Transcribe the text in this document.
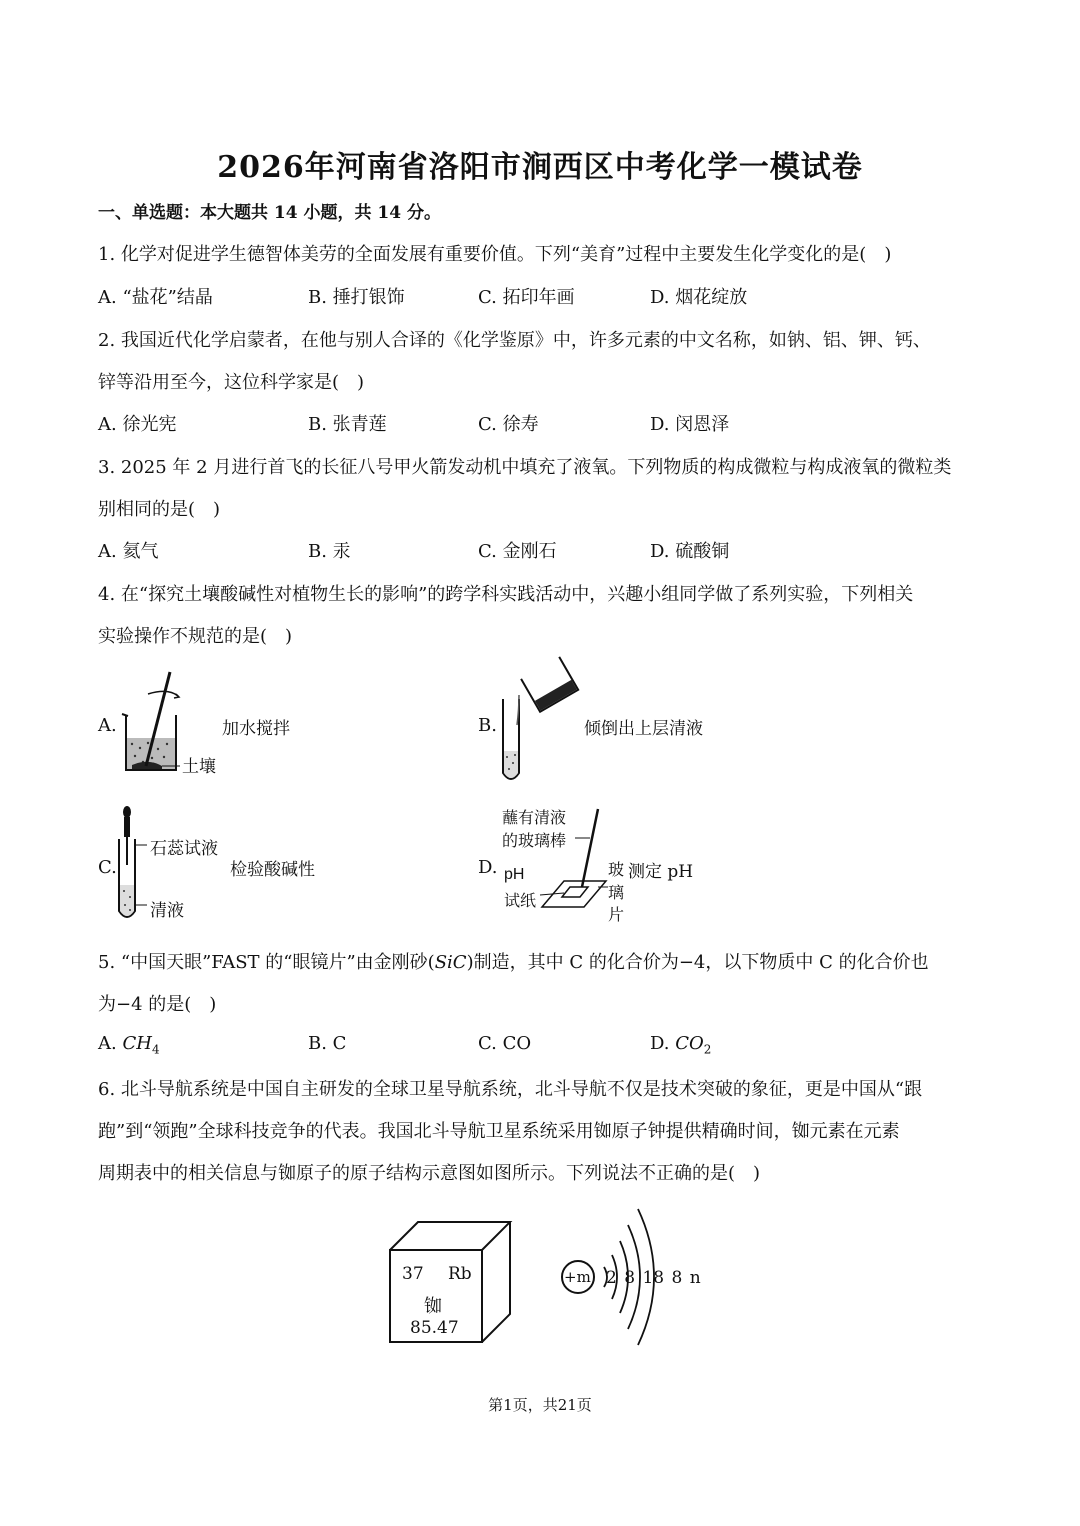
2026年河南省洛阳市涧西区中考化学一模试卷
一、单选题：本大题共 14 小题，共 14 分。
1. 化学对促进学生德智体美劳的全面发展有重要价值。下列“美育”过程中主要发生化学变化的是(　)
A. “盐花”结晶	B. 捶打银饰	C. 拓印年画	D. 烟花绽放
2. 我国近代化学启蒙者，在他与别人合译的《化学鉴原》中，许多元素的中文名称，如钠、铝、钾、钙、
锌等沿用至今，这位科学家是(　)
A. 徐光宪	B. 张青莲	C. 徐寿	D. 闵恩泽
3. 2025 年 2 月进行首飞的长征八号甲火箭发动机中填充了液氧。下列物质的构成微粒与构成液氧的微粒类
别相同的是(　)
A. 氦气	B. 汞	C. 金刚石	D. 硫酸铜
4. 在“探究土壤酸碱性对植物生长的影响”的跨学科实践活动中，兴趣小组同学做了系列实验，下列相关
实验操作不规范的是(　)
A.
土壤
加水搅拌	B.	倾倒出上层清液
C.
石蕊试液
清液
检验酸碱性	D.
蘸有清液
的玻璃棒
pH
试纸
玻
璃
片
测定 pH
5. “中国天眼”FAST 的“眼镜片”由金刚砂(SiC)制造，其中 C 的化合价为−4，以下物质中 C 的化合价也
为−4 的是(　)
A. $CH_4$	B. C	C. CO	D. $CO_2$
6. 北斗导航系统是中国自主研发的全球卫星导航系统，北斗导航不仅是技术突破的象征，更是中国从“跟
跑”到“领跑”全球科技竞争的代表。我国北斗导航卫星系统采用铷原子钟提供精确时间，铷元素在元素
周期表中的相关信息与铷原子的原子结构示意图如图所示。下列说法不正确的是(　)
37 Rb
铷
85.47
+m 2 8 18 8 n
第1页，共21页
